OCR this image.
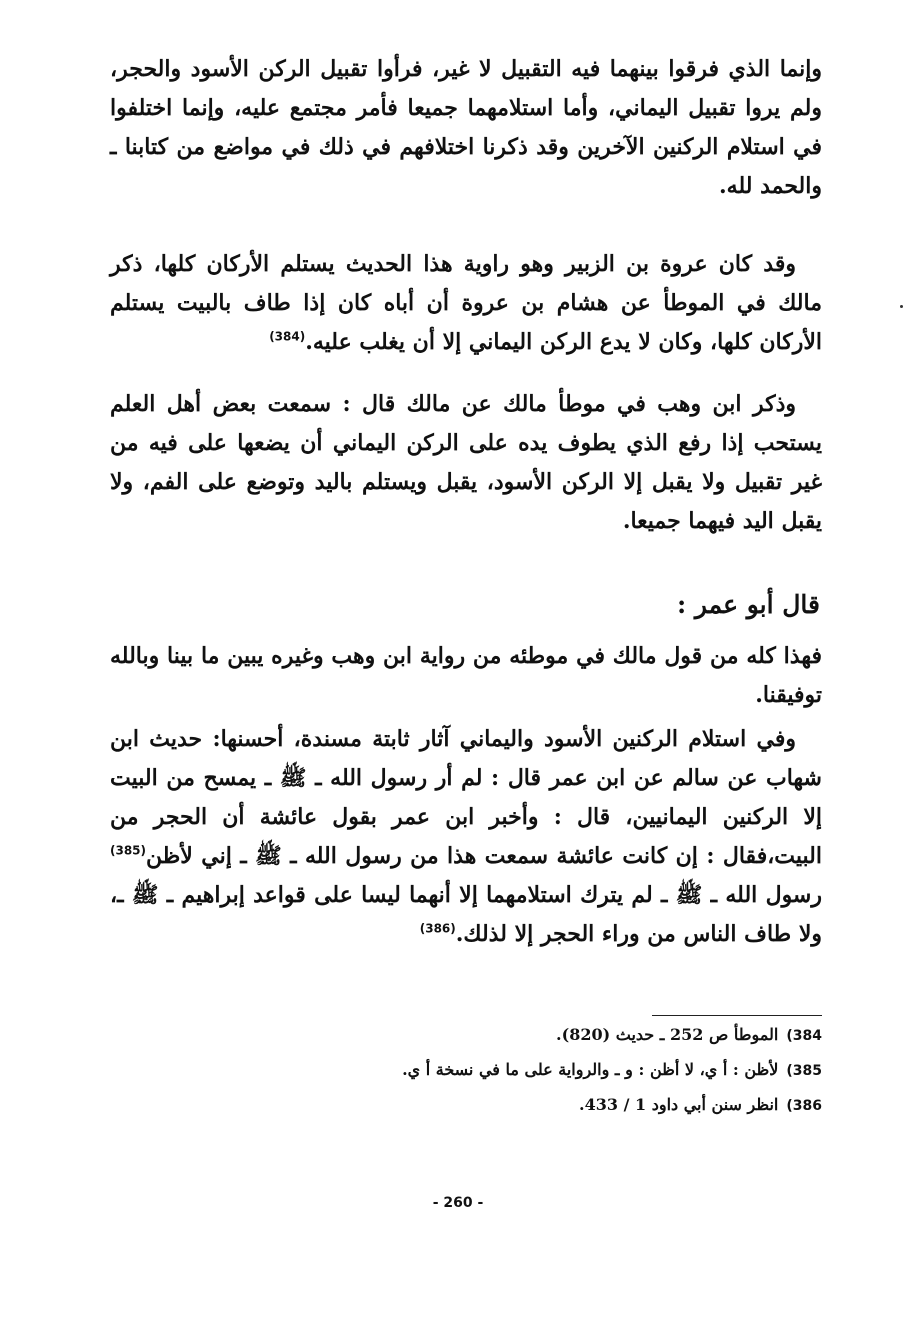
وإنما الذي فرقوا بينهما فيه التقبيل لا غير، فرأوا تقبيل الركن الأسود والحجر، ولم يروا تقبيل اليماني، وأما استلامهما جميعا فأمر مجتمع عليه، وإنما اختلفوا في استلام الركنين الآخرين وقد ذكرنا اختلافهم في ذلك في مواضع من كتابنا ـ والحمد لله.

وقد كان عروة بن الزبير وهو راوية هذا الحديث يستلم الأركان كلها، ذكر مالك في الموطأ عن هشام بن عروة أن أباه كان إذا طاف بالبيت يستلم الأركان كلها، وكان لا يدع الركن اليماني إلا أن يغلب عليه.$^{(384)}$

وذكر ابن وهب في موطأ مالك عن مالك قال : سمعت بعض أهل العلم يستحب إذا رفع الذي يطوف يده على الركن اليماني أن يضعها على فيه من غير تقبيل ولا يقبل إلا الركن الأسود، يقبل ويستلم باليد وتوضع على الفم، ولا يقبل اليد فيهما جميعا.

قال أبو عمر :

فهذا كله من قول مالك في موطئه من رواية ابن وهب وغيره يبين ما بينا وبالله توفيقنا.

وفي استلام الركنين الأسود واليماني آثار ثابتة مسندة، أحسنها: حديث ابن شهاب عن سالم عن ابن عمر قال : لم أر رسول الله ـ ﷺ ـ يمسح من البيت إلا الركنين اليمانيين، قال : وأخبر ابن عمر بقول عائشة أن الحجر من البيت،فقال : إن كانت عائشة سمعت هذا من رسول الله ـ ﷺ ـ إني لأظن$^{(385)}$ رسول الله ـ ﷺ ـ لم يترك استلامهما إلا أنهما ليسا على قواعد إبراهيم ـ ﷺ ـ، ولا طاف الناس من وراء الحجر إلا لذلك.$^{(386)}$

384)الموطأ ص 252 ـ حديث (820).

385)لأظن : أ ي، لا أظن : و ـ والرواية على ما في نسخة أ ي.

386)انظر سنن أبي داود 1 / 433.

- 260 -
